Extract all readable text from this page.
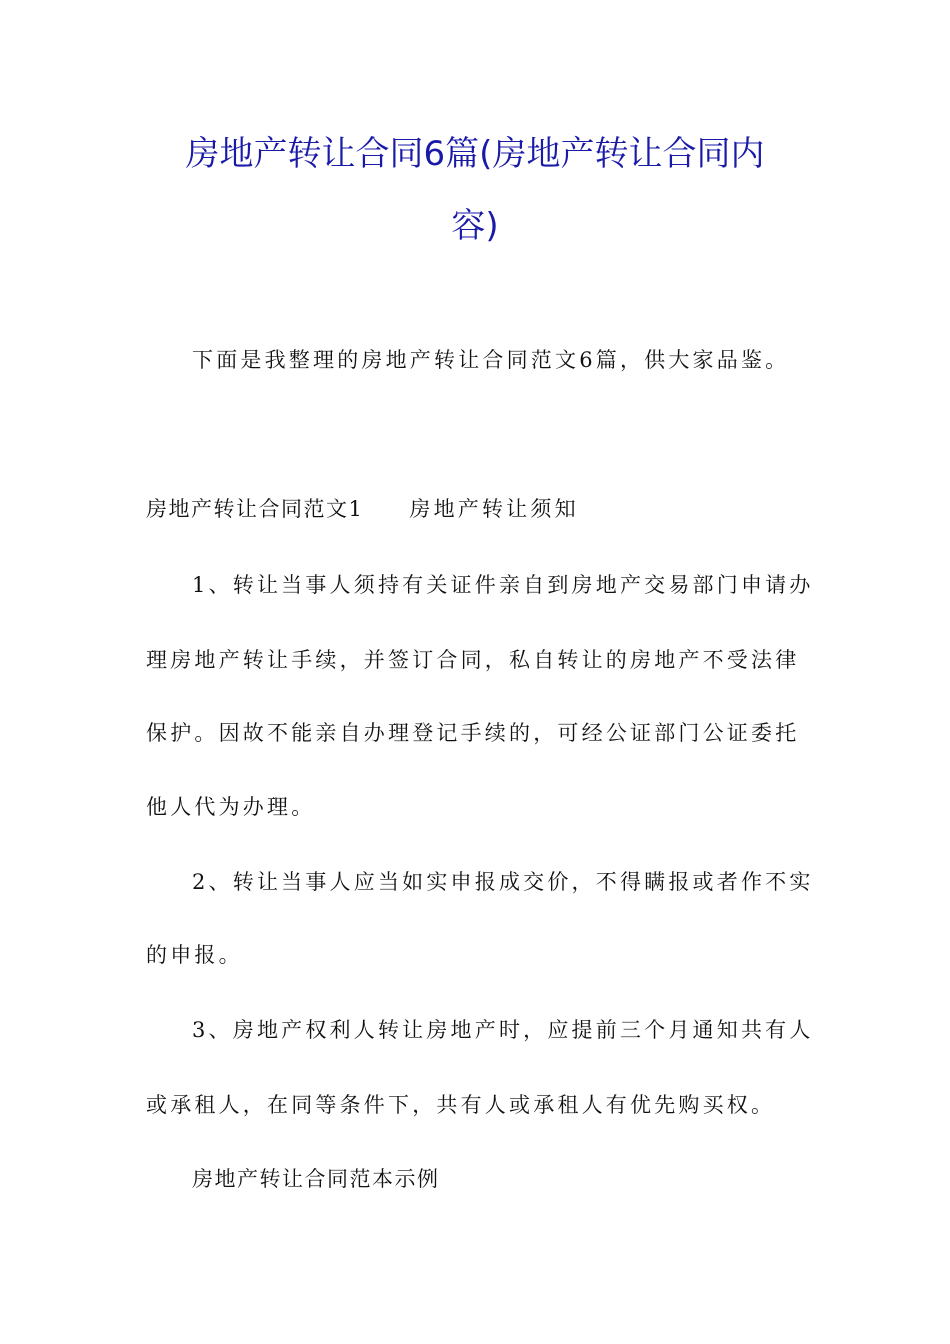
房地产转让合同6篇(房地产转让合同内
容)
下面是我整理的房地产转让合同范文6篇，供大家品鉴。
房地产转让合同范文1 房地产转让须知
1、转让当事人须持有关证件亲自到房地产交易部门申请办
理房地产转让手续，并签订合同，私自转让的房地产不受法律
保护。因故不能亲自办理登记手续的，可经公证部门公证委托
他人代为办理。
2、转让当事人应当如实申报成交价，不得瞒报或者作不实
的申报。
3、房地产权利人转让房地产时，应提前三个月通知共有人
或承租人，在同等条件下，共有人或承租人有优先购买权。
房地产转让合同范本示例
